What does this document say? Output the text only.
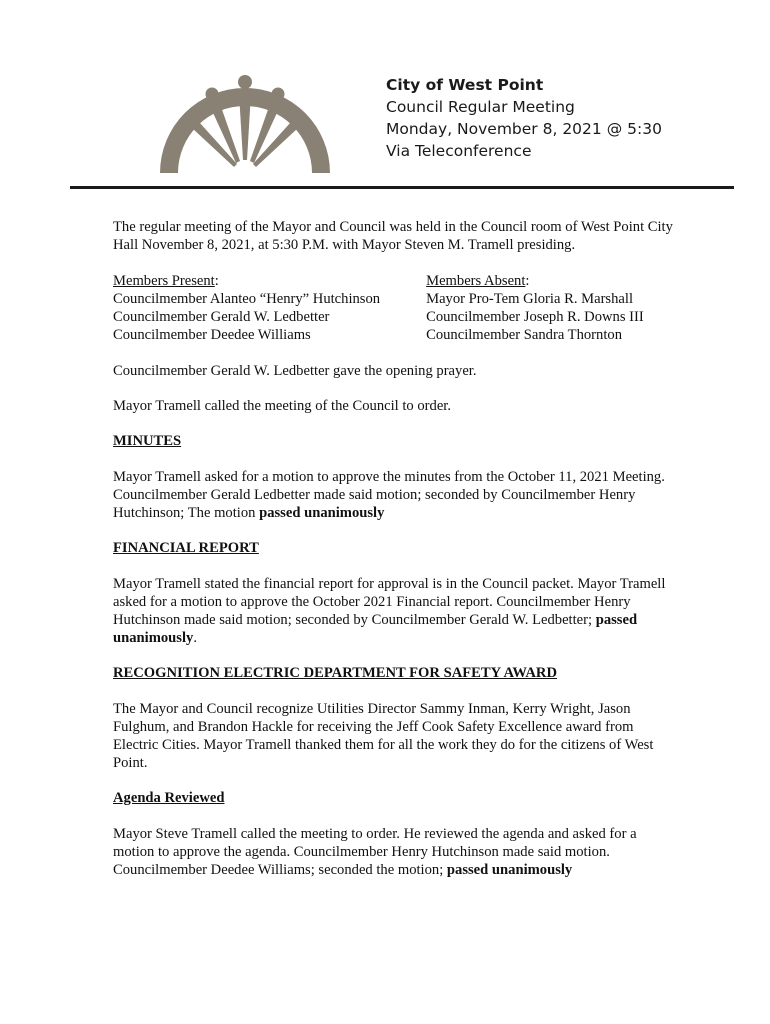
City of West Point
Council Regular Meeting
Monday, November 8, 2021 @ 5:30
Via Teleconference

The regular meeting of the Mayor and Council was held in the Council room of West Point City Hall November 8, 2021, at 5:30 P.M. with Mayor Steven M. Tramell presiding.

Members Present:
Councilmember Alanteo “Henry” Hutchinson
Councilmember Gerald W. Ledbetter
Councilmember Deedee Williams
Members Absent:
Mayor Pro-Tem Gloria R. Marshall
Councilmember Joseph R. Downs III
Councilmember Sandra Thornton

Councilmember Gerald W. Ledbetter gave the opening prayer.

Mayor Tramell called the meeting of the Council to order.

MINUTES

Mayor Tramell asked for a motion to approve the minutes from the October 11, 2021 Meeting. Councilmember Gerald Ledbetter made said motion; seconded by Councilmember Henry Hutchinson; The motion passed unanimously

FINANCIAL REPORT

Mayor Tramell stated the financial report for approval is in the Council packet. Mayor Tramell asked for a motion to approve the October 2021 Financial report. Councilmember Henry Hutchinson made said motion; seconded by Councilmember Gerald W. Ledbetter; passed unanimously.

RECOGNITION ELECTRIC DEPARTMENT FOR SAFETY AWARD

The Mayor and Council recognize Utilities Director Sammy Inman, Kerry Wright, Jason Fulghum, and Brandon Hackle for receiving the Jeff Cook Safety Excellence award from Electric Cities. Mayor Tramell thanked them for all the work they do for the citizens of West Point.

Agenda Reviewed

Mayor Steve Tramell called the meeting to order. He reviewed the agenda and asked for a motion to approve the agenda. Councilmember Henry Hutchinson made said motion. Councilmember Deedee Williams; seconded the motion; passed unanimously
